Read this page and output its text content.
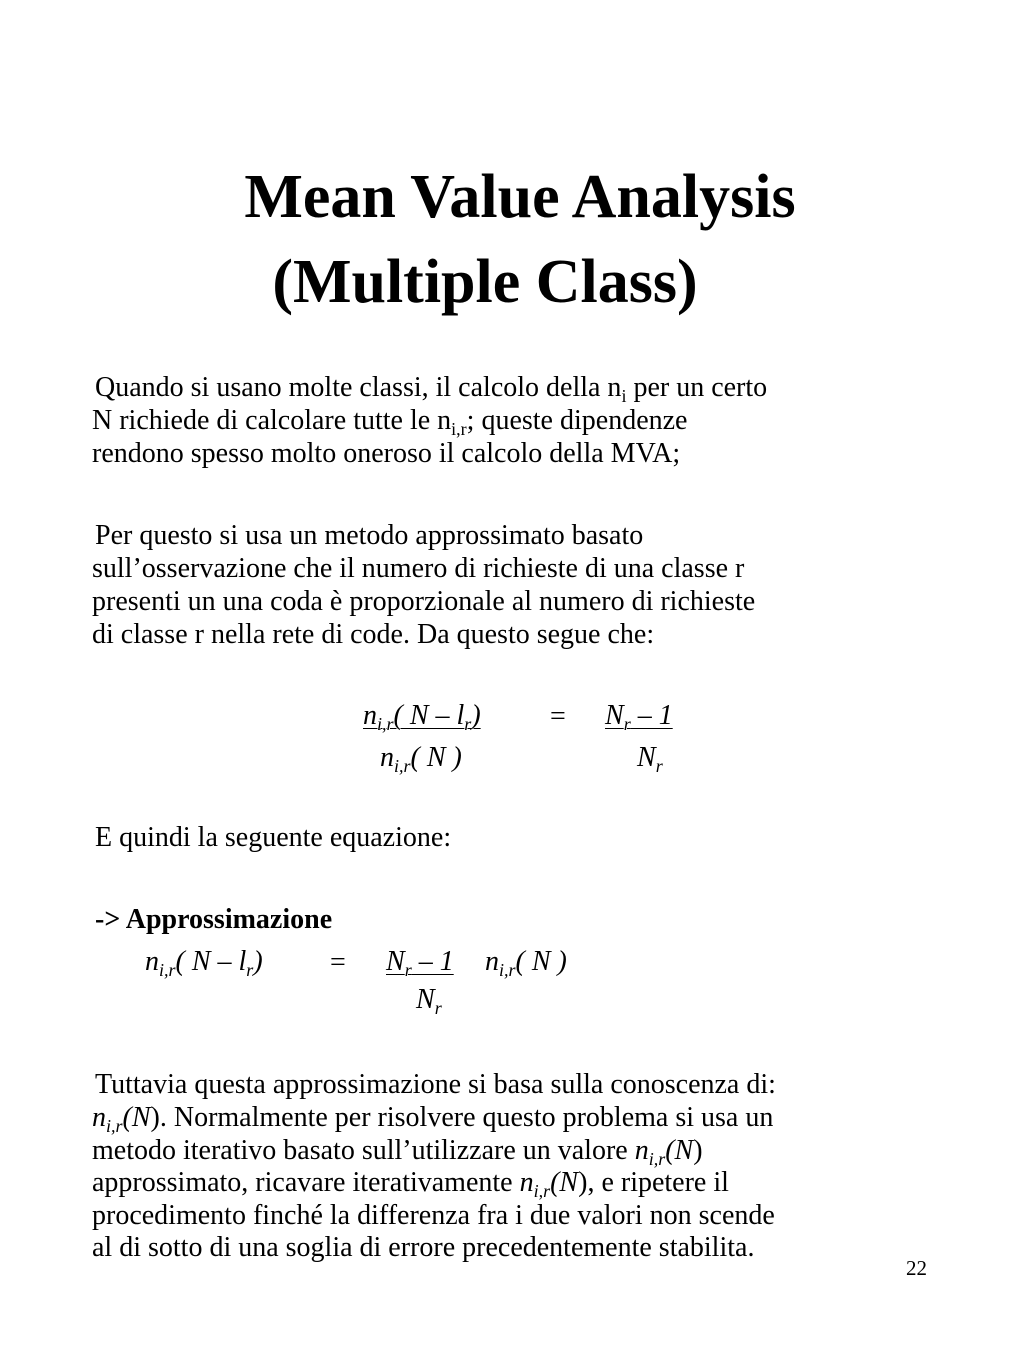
Mean Value Analysis
(Multiple Class)
Quando si usano molte classi, il calcolo della $n_i$ per un certo
N richiede di calcolare tutte le $n_{i,r}$; queste dipendenze
rendono spesso molto oneroso il calcolo della MVA;
Per questo si usa un metodo approssimato basato
sull’osservazione che il numero di richieste di una classe r
presenti un una coda è proporzionale al numero di richieste
di classe r nella rete di code. Da questo segue che:
$n_{i,r}$( N – $l_r$)
$n_{i,r}$( N )
= $N_r - 1$
$N_r$
E quindi la seguente equazione:
-> Approssimazione
$n_{i,r}$( $N - l_r) = N_r - 1$
$N_r$
$n_{i,r}$( N )
Tuttavia questa approssimazione si basa sulla conoscenza di:
$n_{i,r}(N)$. Normalmente per risolvere questo problema si usa un
metodo iterativo basato sull’utilizzare un valore $n_{i,r}(N)$
approssimato, ricavare iterativamente $n_{i,r}(N)$, e ripetere il
procedimento finché la differenza fra i due valori non scende
al di sotto di una soglia di errore precedentemente stabilita.
22
